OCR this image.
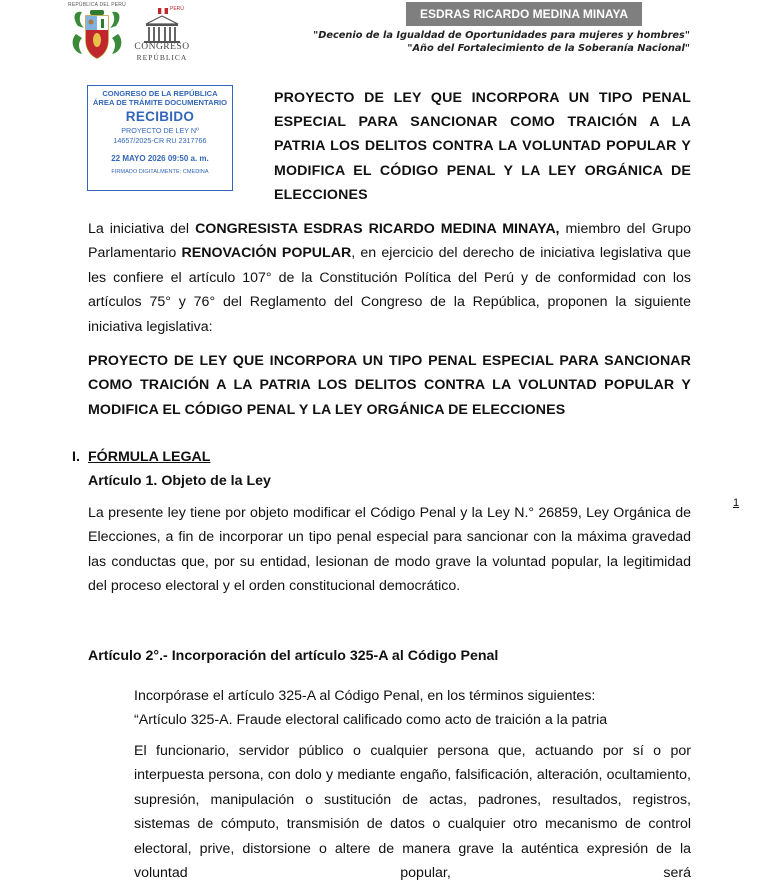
REPÚBLICA DEL PERÚ
PERÚ
CONGRESO
REPÚBLICA
ESDRAS RICARDO MEDINA MINAYA
"Decenio de la Igualdad de Oportunidades para mujeres y hombres"
"Año del Fortalecimiento de la Soberanía Nacional"
CONGRESO DE LA REPÚBLICA
ÁREA DE TRÁMITE DOCUMENTARIO
RECIBIDO
PROYECTO DE LEY Nº
14657/2025-CR RU 2317766
22 MAYO 2026 09:50 a. m.
FIRMADO DIGITALMENTE: CMEDINA
PROYECTO DE LEY QUE INCORPORA UN TIPO PENAL ESPECIAL PARA SANCIONAR COMO TRAICIÓN A LA PATRIA LOS DELITOS CONTRA LA VOLUNTAD POPULAR Y MODIFICA EL CÓDIGO PENAL Y LA LEY ORGÁNICA DE ELECCIONES
La iniciativa del CONGRESISTA ESDRAS RICARDO MEDINA MINAYA, miembro del Grupo Parlamentario RENOVACIÓN POPULAR, en ejercicio del derecho de iniciativa legislativa que les confiere el artículo 107° de la Constitución Política del Perú y de conformidad con los artículos 75° y 76° del Reglamento del Congreso de la República, proponen la siguiente iniciativa legislativa:
PROYECTO DE LEY QUE INCORPORA UN TIPO PENAL ESPECIAL PARA SANCIONAR COMO TRAICIÓN A LA PATRIA LOS DELITOS CONTRA LA VOLUNTAD POPULAR Y MODIFICA EL CÓDIGO PENAL Y LA LEY ORGÁNICA DE ELECCIONES
I. FÓRMULA LEGAL
Artículo 1. Objeto de la Ley
La presente ley tiene por objeto modificar el Código Penal y la Ley N.° 26859, Ley Orgánica de Elecciones, a fin de incorporar un tipo penal especial para sancionar con la máxima gravedad las conductas que, por su entidad, lesionan de modo grave la voluntad popular, la legitimidad del proceso electoral y el orden constitucional democrático.
1
Artículo 2°.- Incorporación del artículo 325-A al Código Penal
Incorpórase el artículo 325-A al Código Penal, en los términos siguientes:
“Artículo 325-A. Fraude electoral calificado como acto de traición a la patria
El funcionario, servidor público o cualquier persona que, actuando por sí o por interpuesta persona, con dolo y mediante engaño, falsificación, alteración, ocultamiento, supresión, manipulación o sustitución de actas, padrones, resultados, registros, sistemas de cómputo, transmisión de datos o cualquier otro mecanismo de control electoral, prive, distorsione o altere de manera grave la auténtica expresión de la voluntad popular, será
